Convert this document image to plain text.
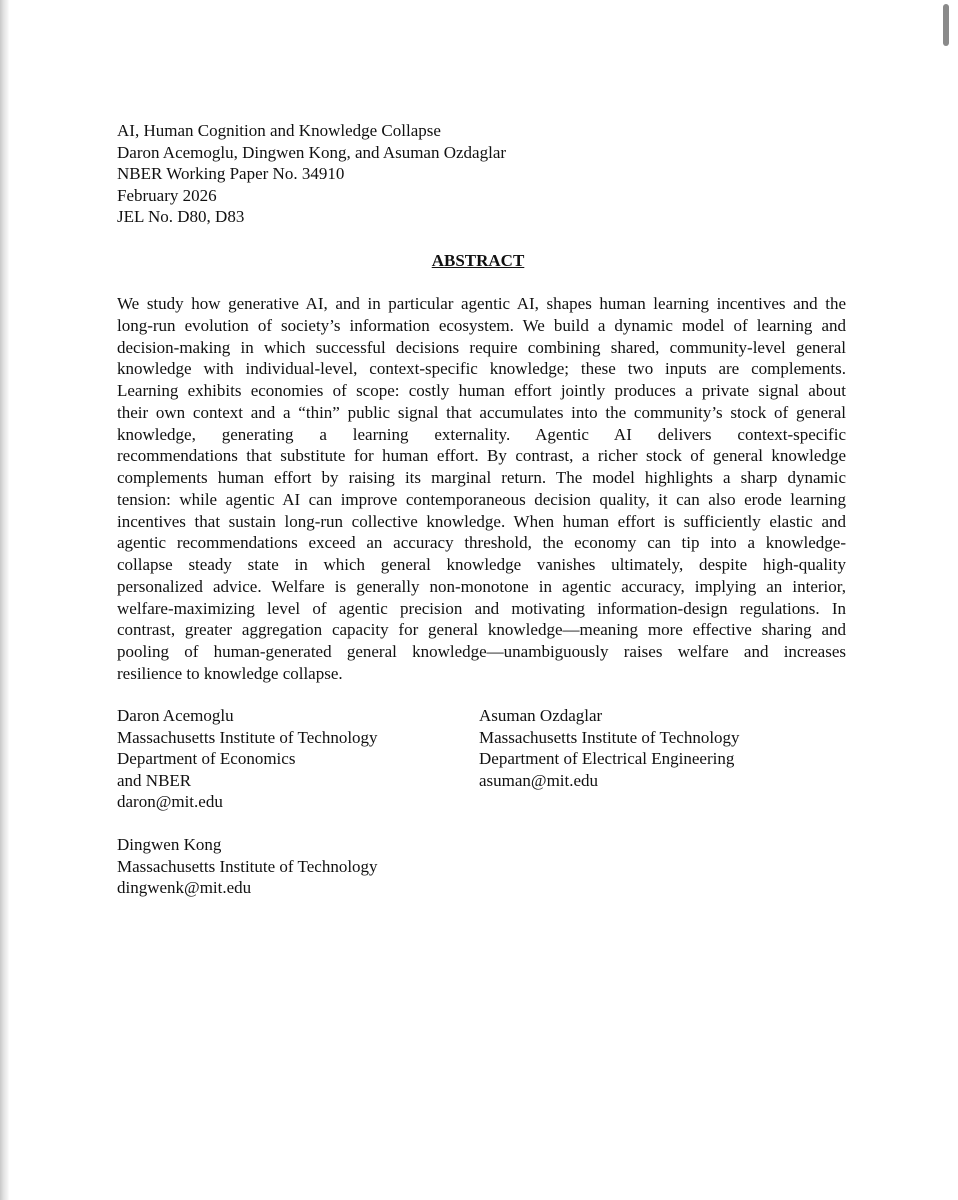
AI, Human Cognition and Knowledge Collapse
Daron Acemoglu, Dingwen Kong, and Asuman Ozdaglar
NBER Working Paper No. 34910
February 2026
JEL No. D80, D83
ABSTRACT
We study how generative AI, and in particular agentic AI, shapes human learning incentives and the
long-run evolution of society’s information ecosystem. We build a dynamic model of learning and
decision-making in which successful decisions require combining shared, community-level general
knowledge with individual-level, context-specific knowledge; these two inputs are complements.
Learning exhibits economies of scope: costly human effort jointly produces a private signal about
their own context and a “thin” public signal that accumulates into the community’s stock of general
knowledge, generating a learning externality. Agentic AI delivers context-specific
recommendations that substitute for human effort. By contrast, a richer stock of general knowledge
complements human effort by raising its marginal return. The model highlights a sharp dynamic
tension: while agentic AI can improve contemporaneous decision quality, it can also erode learning
incentives that sustain long-run collective knowledge. When human effort is sufficiently elastic and
agentic recommendations exceed an accuracy threshold, the economy can tip into a knowledge-
collapse steady state in which general knowledge vanishes ultimately, despite high-quality
personalized advice. Welfare is generally non-monotone in agentic accuracy, implying an interior,
welfare-maximizing level of agentic precision and motivating information-design regulations. In
contrast, greater aggregation capacity for general knowledge—meaning more effective sharing and
pooling of human-generated general knowledge—unambiguously raises welfare and increases
resilience to knowledge collapse.
Daron Acemoglu
Massachusetts Institute of Technology
Department of Economics
and NBER
daron@mit.edu
Asuman Ozdaglar
Massachusetts Institute of Technology
Department of Electrical Engineering
asuman@mit.edu
Dingwen Kong
Massachusetts Institute of Technology
dingwenk@mit.edu
